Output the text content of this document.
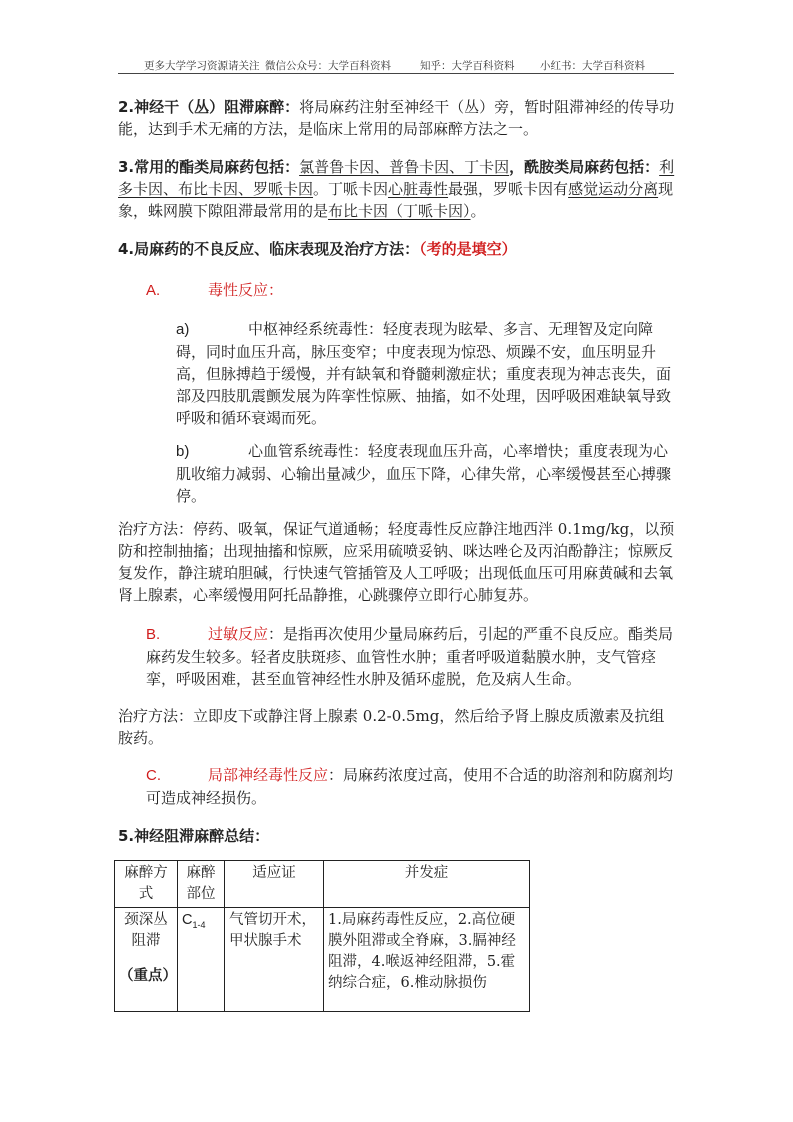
更多大学学习资源请关注 微信公众号：大学百科资料	知乎：大学百科资料 小红书：大学百科资料
2.神经干（丛）阻滞麻醉：将局麻药注射至神经干（丛）旁，暂时阻滞神经的传导功能，达到手术无痛的方法，是临床上常用的局部麻醉方法之一。
3.常用的酯类局麻药包括：氯普鲁卡因、普鲁卡因、丁卡因，酰胺类局麻药包括：利多卡因、布比卡因、罗哌卡因。丁哌卡因心脏毒性最强，罗哌卡因有感觉运动分离现象，蛛网膜下隙阻滞最常用的是布比卡因（丁哌卡因）。
4.局麻药的不良反应、临床表现及治疗方法：（考的是填空）
A.	毒性反应：
a)	中枢神经系统毒性：轻度表现为眩晕、多言、无理智及定向障碍，同时血压升高，脉压变窄；中度表现为惊恐、烦躁不安，血压明显升高，但脉搏趋于缓慢，并有缺氧和脊髓刺激症状；重度表现为神志丧失，面部及四肢肌震颤发展为阵挛性惊厥、抽搐，如不处理，因呼吸困难缺氧导致呼吸和循环衰竭而死。
b)	心血管系统毒性：轻度表现血压升高，心率增快；重度表现为心肌收缩力减弱、心输出量减少，血压下降，心律失常，心率缓慢甚至心搏骤停。
治疗方法：停药、吸氧，保证气道通畅；轻度毒性反应静注地西泮 0.1mg/kg，以预防和控制抽搐；出现抽搐和惊厥，应采用硫喷妥钠、咪达唑仑及丙泊酚静注；惊厥反复发作，静注琥珀胆碱，行快速气管插管及人工呼吸；出现低血压可用麻黄碱和去氧肾上腺素，心率缓慢用阿托品静推，心跳骤停立即行心肺复苏。
B.	过敏反应：是指再次使用少量局麻药后，引起的严重不良反应。酯类局麻药发生较多。轻者皮肤斑疹、血管性水肿；重者呼吸道黏膜水肿，支气管痉挛，呼吸困难，甚至血管神经性水肿及循环虚脱，危及病人生命。
治疗方法：立即皮下或静注肾上腺素 0.2-0.5mg，然后给予肾上腺皮质激素及抗组胺药。
C.	局部神经毒性反应：局麻药浓度过高，使用不合适的助溶剂和防腐剂均可造成神经损伤。
5.神经阻滞麻醉总结：
麻醉方式	麻醉部位	适应证	并发症

颈深丛阻滞
（重点）	$C_{1-4}$	气管切开术，甲状腺手术	1.局麻药毒性反应，2.高位硬膜外阻滞或全脊麻，3.膈神经阻滞，4.喉返神经阻滞，5.霍纳综合症，6.椎动脉损伤
